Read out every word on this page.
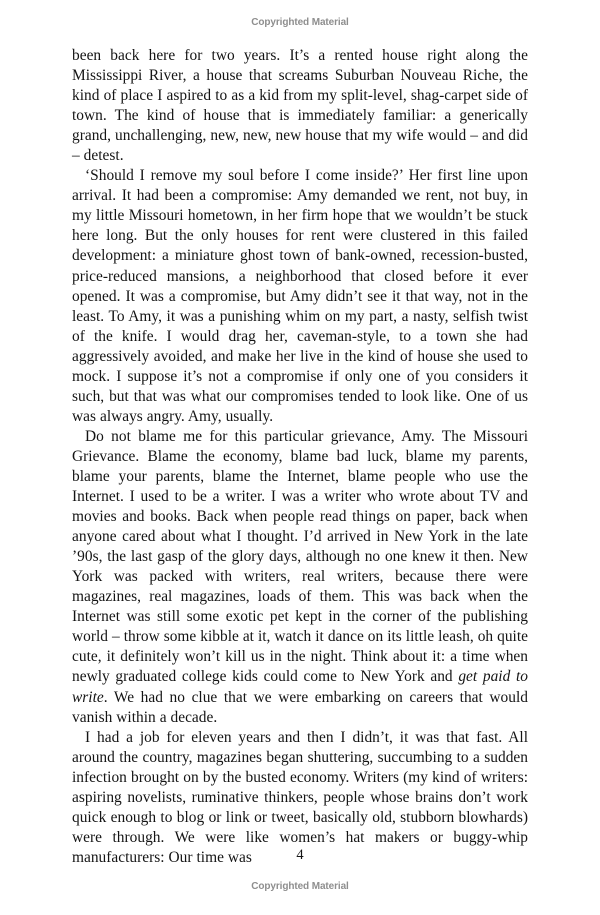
Copyrighted Material

been back here for two years. It’s a rented house right along the Mississippi River, a house that screams Suburban Nouveau Riche, the kind of place I aspired to as a kid from my split-level, shag-carpet side of town. The kind of house that is immediately familiar: a generically grand, unchallenging, new, new, new house that my wife would – and did – detest.

‘Should I remove my soul before I come inside?’ Her first line upon arrival. It had been a compromise: Amy demanded we rent, not buy, in my little Missouri hometown, in her firm hope that we wouldn’t be stuck here long. But the only houses for rent were clustered in this failed development: a miniature ghost town of bank-owned, recession-busted, price-reduced mansions, a neighborhood that closed before it ever opened. It was a compromise, but Amy didn’t see it that way, not in the least. To Amy, it was a punishing whim on my part, a nasty, selfish twist of the knife. I would drag her, caveman-style, to a town she had aggressively avoided, and make her live in the kind of house she used to mock. I suppose it’s not a compromise if only one of you considers it such, but that was what our compromises tended to look like. One of us was always angry. Amy, usually.

Do not blame me for this particular grievance, Amy. The Missouri Grievance. Blame the economy, blame bad luck, blame my parents, blame your parents, blame the Internet, blame people who use the Internet. I used to be a writer. I was a writer who wrote about TV and movies and books. Back when people read things on paper, back when anyone cared about what I thought. I’d arrived in New York in the late ’90s, the last gasp of the glory days, although no one knew it then. New York was packed with writers, real writers, because there were magazines, real magazines, loads of them. This was back when the Internet was still some exotic pet kept in the corner of the publishing world – throw some kibble at it, watch it dance on its little leash, oh quite cute, it definitely won’t kill us in the night. Think about it: a time when newly graduated college kids could come to New York and get paid to write. We had no clue that we were embarking on careers that would vanish within a decade.

I had a job for eleven years and then I didn’t, it was that fast. All around the country, magazines began shuttering, succumbing to a sudden infection brought on by the busted economy. Writers (my kind of writers: aspiring novelists, ruminative thinkers, people whose brains don’t work quick enough to blog or link or tweet, basically old, stubborn blowhards) were through. We were like women’s hat makers or buggy-whip manufacturers: Our time was	4
Copyrighted Material
